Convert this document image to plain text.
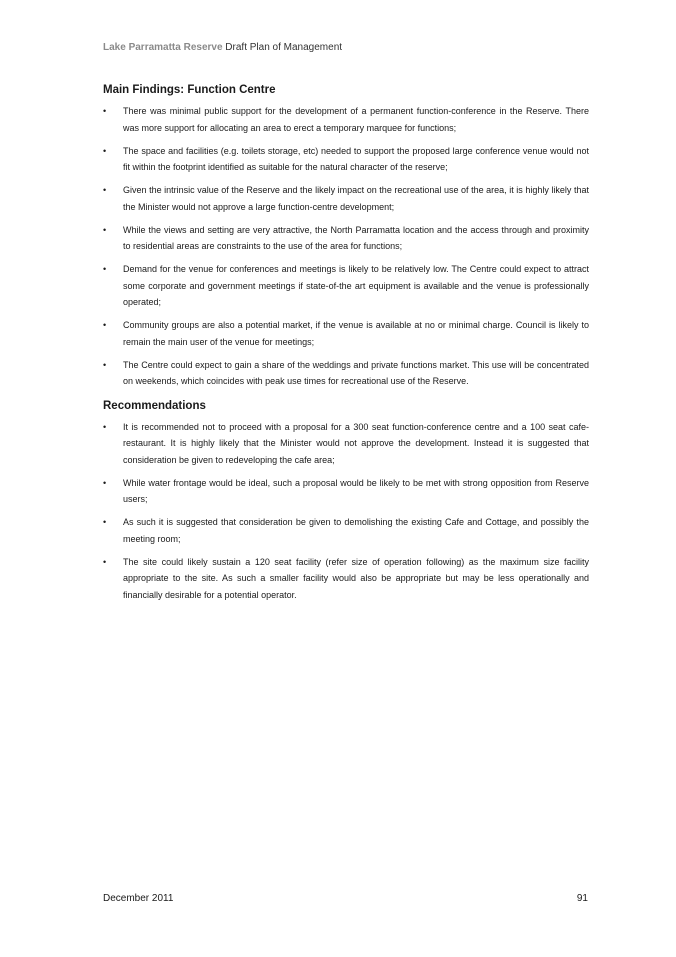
Lake Parramatta Reserve Draft Plan of Management
Main Findings: Function Centre
• There was minimal public support for the development of a permanent function-conference in the Reserve. There was more support for allocating an area to erect a temporary marquee for functions;
• The space and facilities (e.g. toilets storage, etc) needed to support the proposed large conference venue would not fit within the footprint identified as suitable for the natural character of the reserve;
• Given the intrinsic value of the Reserve and the likely impact on the recreational use of the area, it is highly likely that the Minister would not approve a large function-centre development;
• While the views and setting are very attractive, the North Parramatta location and the access through and proximity to residential areas are constraints to the use of the area for functions;
• Demand for the venue for conferences and meetings is likely to be relatively low. The Centre could expect to attract some corporate and government meetings if state-of-the art equipment is available and the venue is professionally operated;
• Community groups are also a potential market, if the venue is available at no or minimal charge. Council is likely to remain the main user of the venue for meetings;
• The Centre could expect to gain a share of the weddings and private functions market. This use will be concentrated on weekends, which coincides with peak use times for recreational use of the Reserve.
Recommendations
• It is recommended not to proceed with a proposal for a 300 seat function-conference centre and a 100 seat cafe-restaurant. It is highly likely that the Minister would not approve the development. Instead it is suggested that consideration be given to redeveloping the cafe area;
• While water frontage would be ideal, such a proposal would be likely to be met with strong opposition from Reserve users;
• As such it is suggested that consideration be given to demolishing the existing Cafe and Cottage, and possibly the meeting room;
• The site could likely sustain a 120 seat facility (refer size of operation following) as the maximum size facility appropriate to the site. As such a smaller facility would also be appropriate but may be less operationally and financially desirable for a potential operator.
December 2011	91
